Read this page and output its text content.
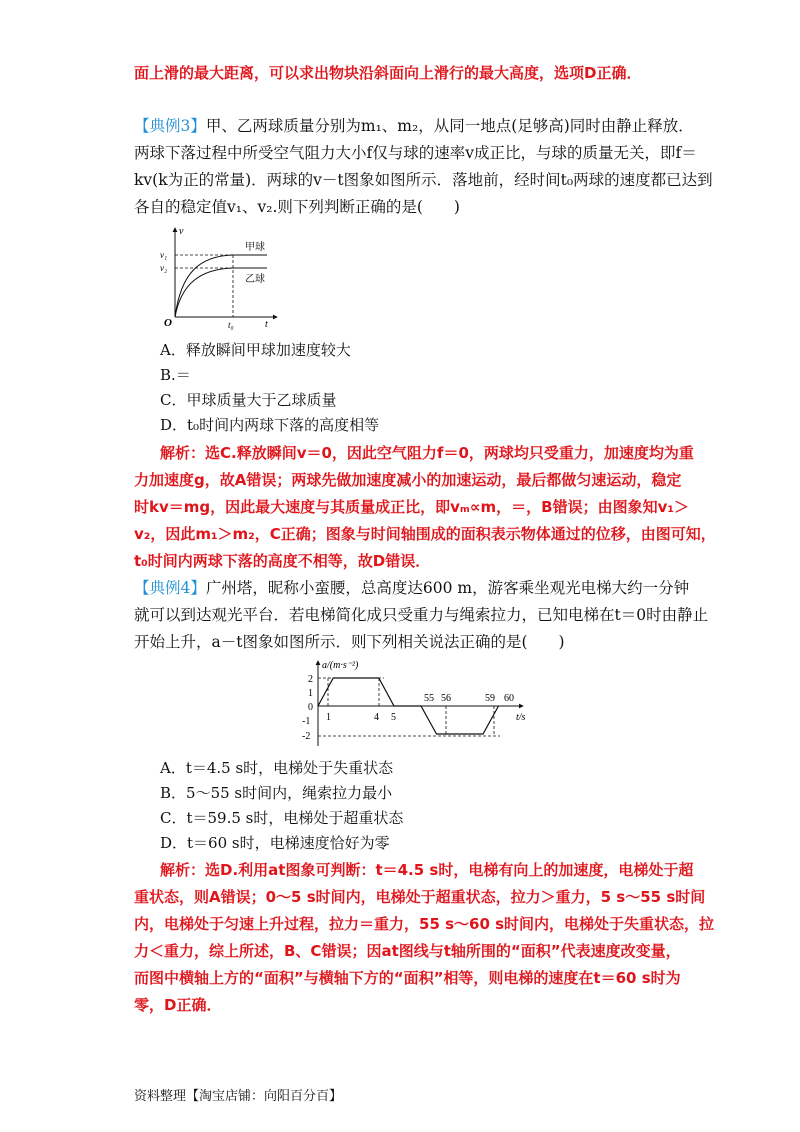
面上滑的最大距离，可以求出物块沿斜面向上滑行的最大高度，选项D正确．
【典例3】甲、乙两球质量分别为m₁、m₂，从同一地点(足够高)同时由静止释放．
两球下落过程中所受空气阻力大小f仅与球的速率v成正比，与球的质量无关，即f＝
kv(k为正的常量)．两球的v－t图象如图所示．落地前，经时间t₀两球的速度都已达到
各自的稳定值v₁、v₂.则下列判断正确的是(　　)
v
t
O
v₁
v₂
t₀
甲球
乙球
A．释放瞬间甲球加速度较大
B.＝
C．甲球质量大于乙球质量
D．t₀时间内两球下落的高度相等
解析：选C.释放瞬间v＝0，因此空气阻力f＝0，两球均只受重力，加速度均为重
力加速度g，故A错误；两球先做加速度减小的加速运动，最后都做匀速运动，稳定
时kv＝mg，因此最大速度与其质量成正比，即vₘ∝m，＝，B错误；由图象知v₁＞
v₂，因此m₁＞m₂，C正确；图象与时间轴围成的面积表示物体通过的位移，由图可知，
t₀时间内两球下落的高度不相等，故D错误．
【典例4】广州塔，昵称小蛮腰，总高度达600 m，游客乘坐观光电梯大约一分钟
就可以到达观光平台．若电梯简化成只受重力与绳索拉力，已知电梯在t＝0时由静止
开始上升，a－t图象如图所示．则下列相关说法正确的是(　　)
a/(m·s⁻²)
t/s
2
1
0
-1
-2
1	4 5
55 56	59 60
A．t＝4.5 s时，电梯处于失重状态
B．5～55 s时间内，绳索拉力最小
C．t＝59.5 s时，电梯处于超重状态
D．t＝60 s时，电梯速度恰好为零
解析：选D.利用at图象可判断：t＝4.5 s时，电梯有向上的加速度，电梯处于超
重状态，则A错误；0～5 s时间内，电梯处于超重状态，拉力＞重力，5 s～55 s时间
内，电梯处于匀速上升过程，拉力＝重力，55 s～60 s时间内，电梯处于失重状态，拉
力＜重力，综上所述，B、C错误；因at图线与t轴所围的“面积”代表速度改变量，
而图中横轴上方的“面积”与横轴下方的“面积”相等，则电梯的速度在t＝60 s时为
零，D正确．
资料整理【淘宝店铺：向阳百分百】
